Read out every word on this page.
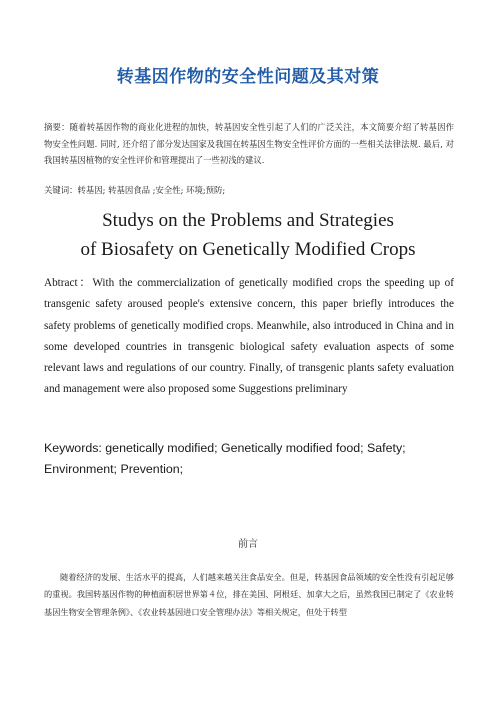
转基因作物的安全性问题及其对策
摘要：随着转基因作物的商业化进程的加快，转基因安全性引起了人们的广泛关注，本文简要介绍了转基因作物安全性问题. 同时, 还介绍了部分发达国家及我国在转基因生物安全性评价方面的一些相关法律法规. 最后, 对我国转基因植物的安全性评价和管理提出了一些初浅的建议.
关键词：转基因; 转基因食品 ;安全性; 环境;预防;
Studys on the Problems and Strategies
of Biosafety on Genetically Modified Crops
Abtract：With the commercialization of genetically modified crops the speeding up of transgenic safety aroused people's extensive concern, this paper briefly introduces the safety problems of genetically modified crops. Meanwhile, also introduced in China and in some developed countries in transgenic biological safety evaluation aspects of some relevant laws and regulations of our country. Finally, of transgenic plants safety evaluation and management were also proposed some Suggestions preliminary
Keywords: genetically modified; Genetically modified food; Safety; Environment; Prevention;
前言
随着经济的发展、生活水平的提高，人们越来越关注食品安全。但是，转基因食品领域的安全性没有引起足够的重视。我国转基因作物的种植面积居世界第４位，排在美国、阿根廷、加拿大之后，虽然我国已制定了《农业转基因生物安全管理条例》、《农业转基因进口安全管理办法》等相关规定，但处于转型
